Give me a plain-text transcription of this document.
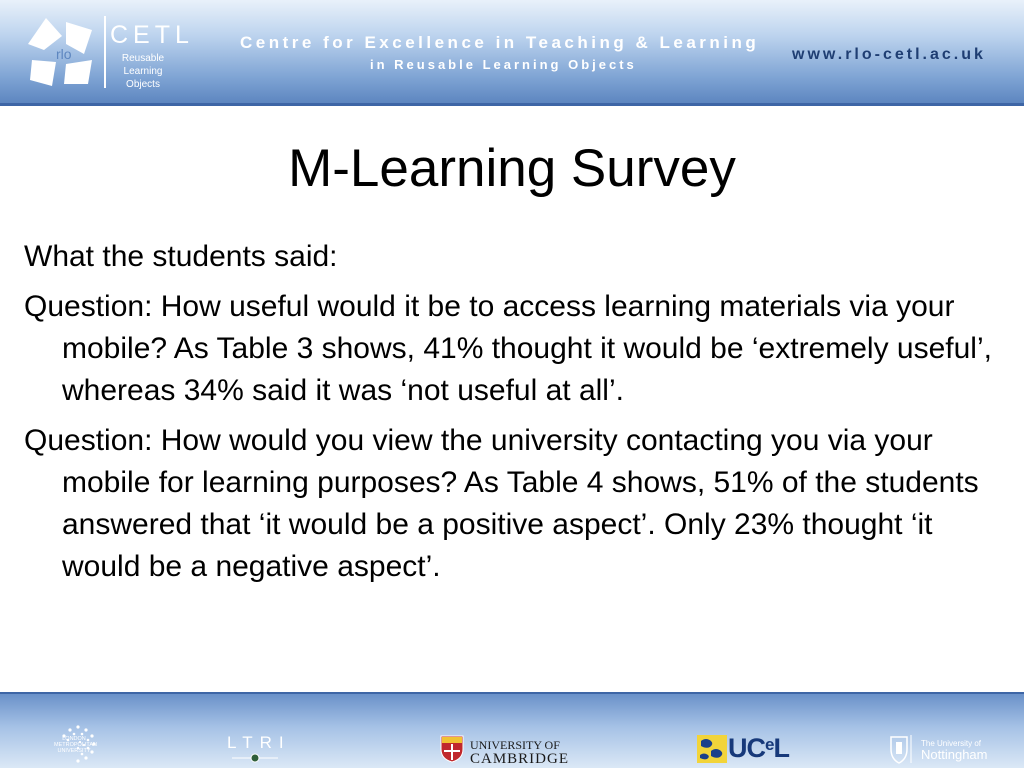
rlo
CETL
Reusable
Learning
Objects
Centre for Excellence in Teaching & Learning
in Reusable Learning Objects
www.rlo-cetl.ac.uk
M-Learning Survey

What the students said:

Question: How useful would it be to access learning materials via your mobile? As Table 3 shows, 41% thought it would be ‘extremely useful’, whereas 34% said it was ‘not useful at all’.

Question: How would you view the university contacting you via your mobile for learning purposes? As Table 4 shows, 51% of the students answered that ‘it would be a positive aspect’. Only 23% thought ‘it would be a negative aspect’.

LONDON
METROPOLITAN
UNIVERSITY	LTRI	UNIVERSITY OF
CAMBRIDGE	$UC^eL$	The University of
Nottingham
